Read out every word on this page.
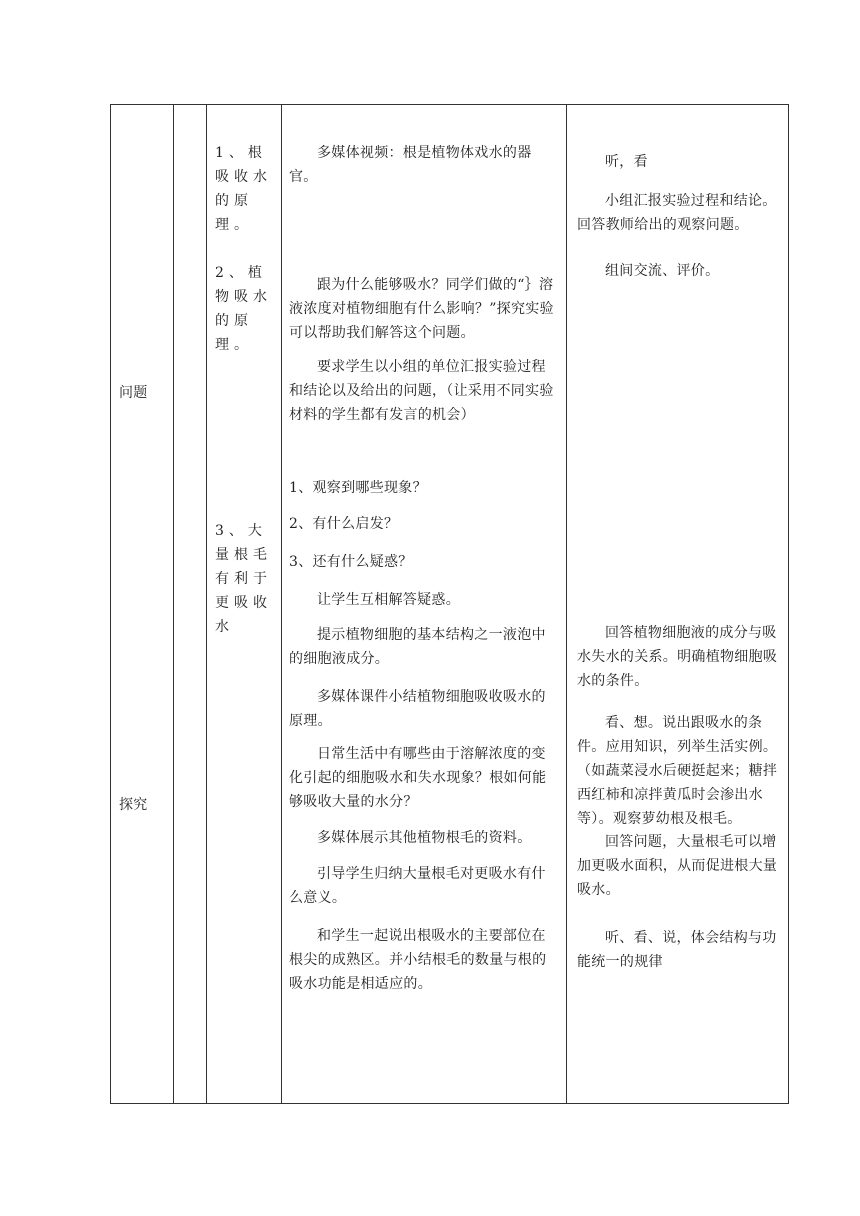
问题
探究
1、根吸收水的原理。
2、植物吸水的原理。
3、大量根毛有利于更吸收水
多媒体视频：根是植物体戏水的器官。
跟为什么能够吸水？同学们做的“｝溶液浓度对植物细胞有什么影响？”探究实验可以帮助我们解答这个问题。
要求学生以小组的单位汇报实验过程和结论以及给出的问题，（让采用不同实验材料的学生都有发言的机会）
1、观察到哪些现象？
2、有什么启发？
3、还有什么疑惑？
让学生互相解答疑惑。
提示植物细胞的基本结构之一液泡中的细胞液成分。
多媒体课件小结植物细胞吸收吸水的原理。
日常生活中有哪些由于溶解浓度的变化引起的细胞吸水和失水现象？根如何能够吸收大量的水分？
多媒体展示其他植物根毛的资料。
引导学生归纳大量根毛对更吸水有什么意义。
和学生一起说出根吸水的主要部位在根尖的成熟区。并小结根毛的数量与根的吸水功能是相适应的。
听，看
小组汇报实验过程和结论。回答教师给出的观察问题。
组间交流、评价。
回答植物细胞液的成分与吸水失水的关系。明确植物细胞吸水的条件。
看、想。说出跟吸水的条件。应用知识，列举生活实例。（如蔬菜浸水后硬挺起来；糖拌西红柿和凉拌黄瓜时会渗出水等）。观察萝幼根及根毛。
回答问题，大量根毛可以增加更吸水面积，从而促进根大量吸水。
听、看、说，体会结构与功能统一的规律
